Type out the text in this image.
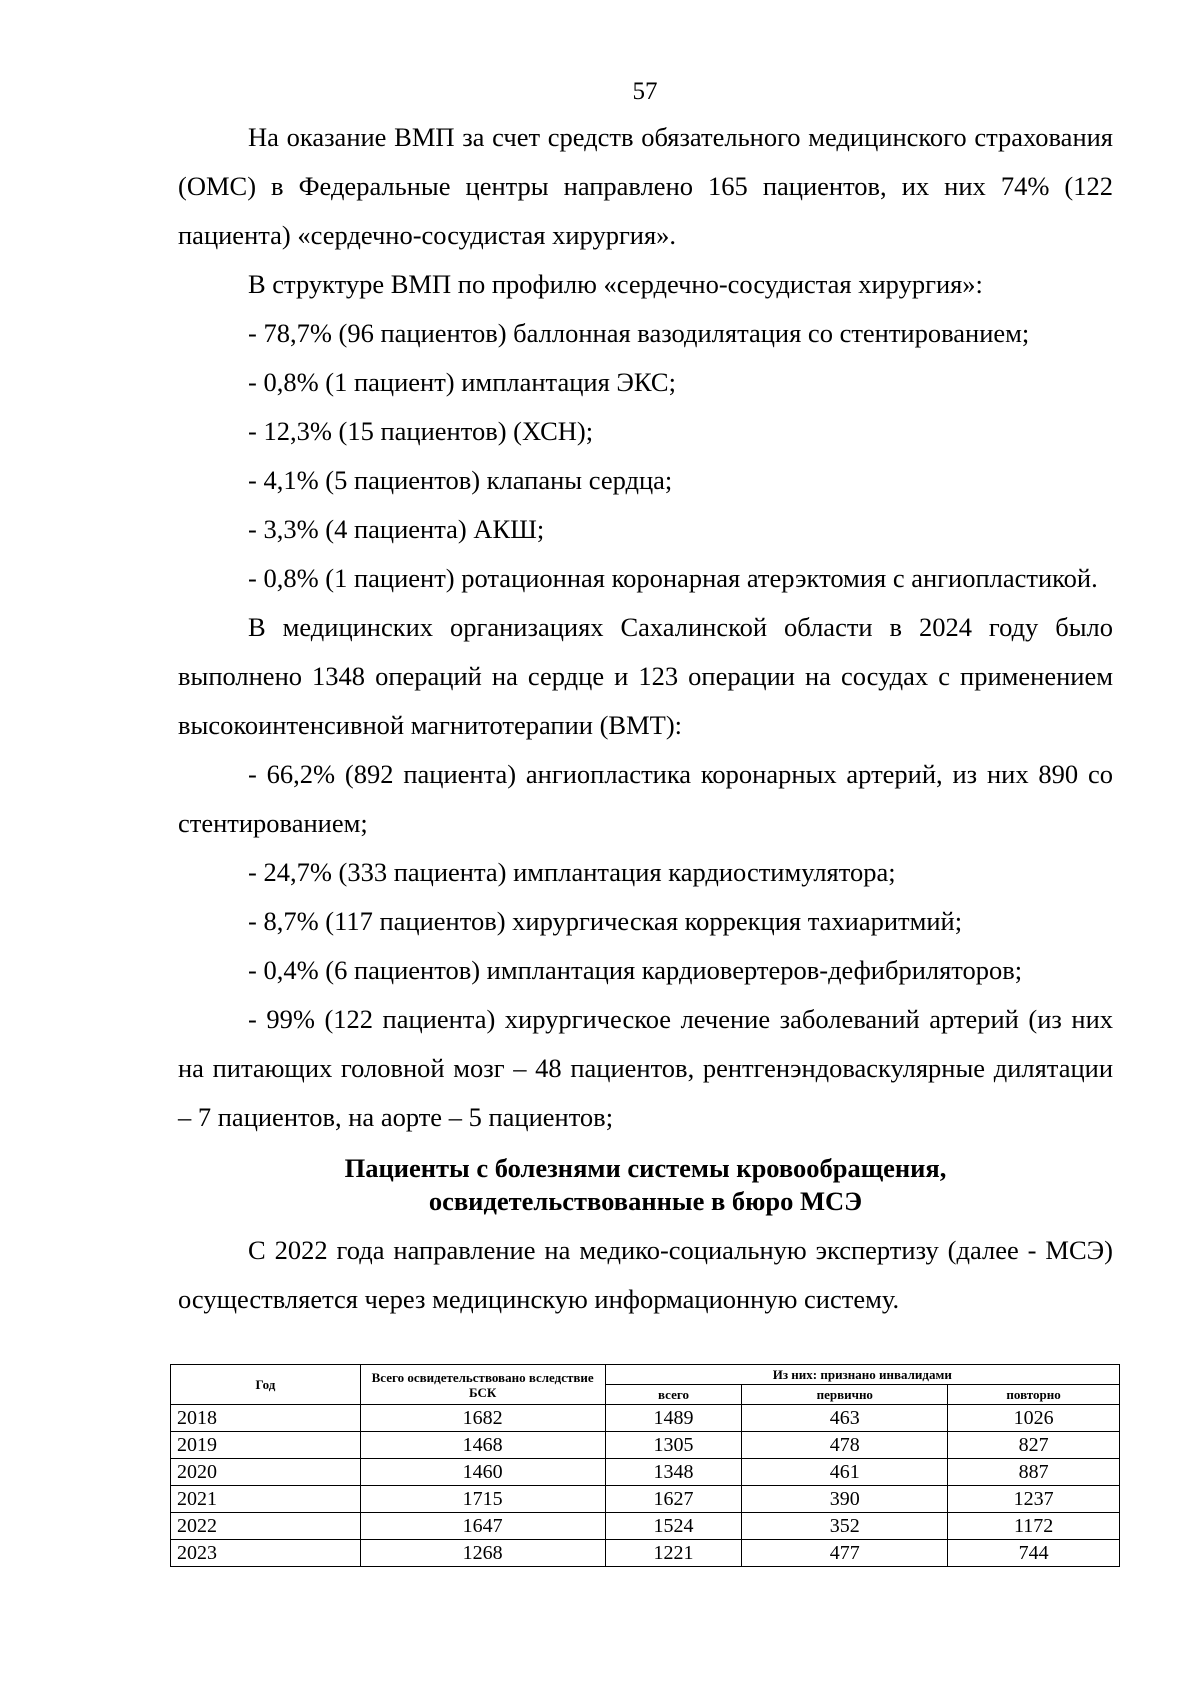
57

На оказание ВМП за счет средств обязательного медицинского страхования (ОМС) в Федеральные центры направлено 165 пациентов, их них 74% (122 пациента) «сердечно-сосудистая хирургия».

В структуре ВМП по профилю «сердечно-сосудистая хирургия»:

- 78,7% (96 пациентов) баллонная вазодилятация со стентированием;

- 0,8% (1 пациент) имплантация ЭКС;

- 12,3% (15 пациентов) (ХСН);

- 4,1% (5 пациентов) клапаны сердца;

- 3,3% (4 пациента) АКШ;

- 0,8% (1 пациент) ротационная коронарная атерэктомия с ангиопластикой.

В медицинских организациях Сахалинской области в 2024 году было выполнено 1348 операций на сердце и 123 операции на сосудах с применением высокоинтенсивной магнитотерапии (ВМТ):

- 66,2% (892 пациента) ангиопластика коронарных артерий, из них 890 со стентированием;

- 24,7% (333 пациента) имплантация кардиостимулятора;

- 8,7% (117 пациентов) хирургическая коррекция тахиаритмий;

- 0,4% (6 пациентов) имплантация кардиовертеров-дефибриляторов;

- 99% (122 пациента) хирургическое лечение заболеваний артерий (из них на питающих головной мозг – 48 пациентов, рентгенэндоваскулярные дилятации – 7 пациентов, на аорте – 5 пациентов;

Пациенты с болезнями системы кровообращения,
освидетельствованные в бюро МСЭ

С 2022 года направление на медико-социальную экспертизу (далее - МСЭ) осуществляется через медицинскую информационную систему.

Год	Всего освидетельствовано вследствие БСК	Из них: признано инвалидами		
		всего	первично	повторно
2018	1682	1489	463	1026
2019	1468	1305	478	827
2020	1460	1348	461	887
2021	1715	1627	390	1237
2022	1647	1524	352	1172
2023	1268	1221	477	744
